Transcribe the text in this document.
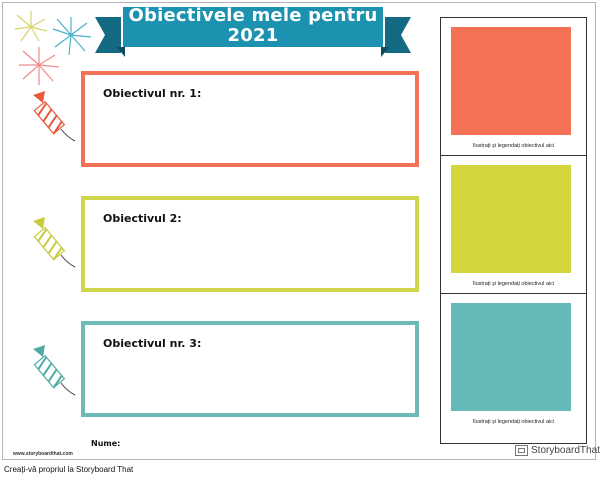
Obiectivele mele pentru 2021
Obiectivul nr. 1:
Obiectivul 2:
Obiectivul nr. 3:
Ilustrați și legendați obiectivul aici
Ilustrați și legendați obiectivul aici
Ilustrați și legendați obiectivul aici
Nume:
www.storyboardthat.com	StoryboardThat
Creați-vă propriul la Storyboard That
